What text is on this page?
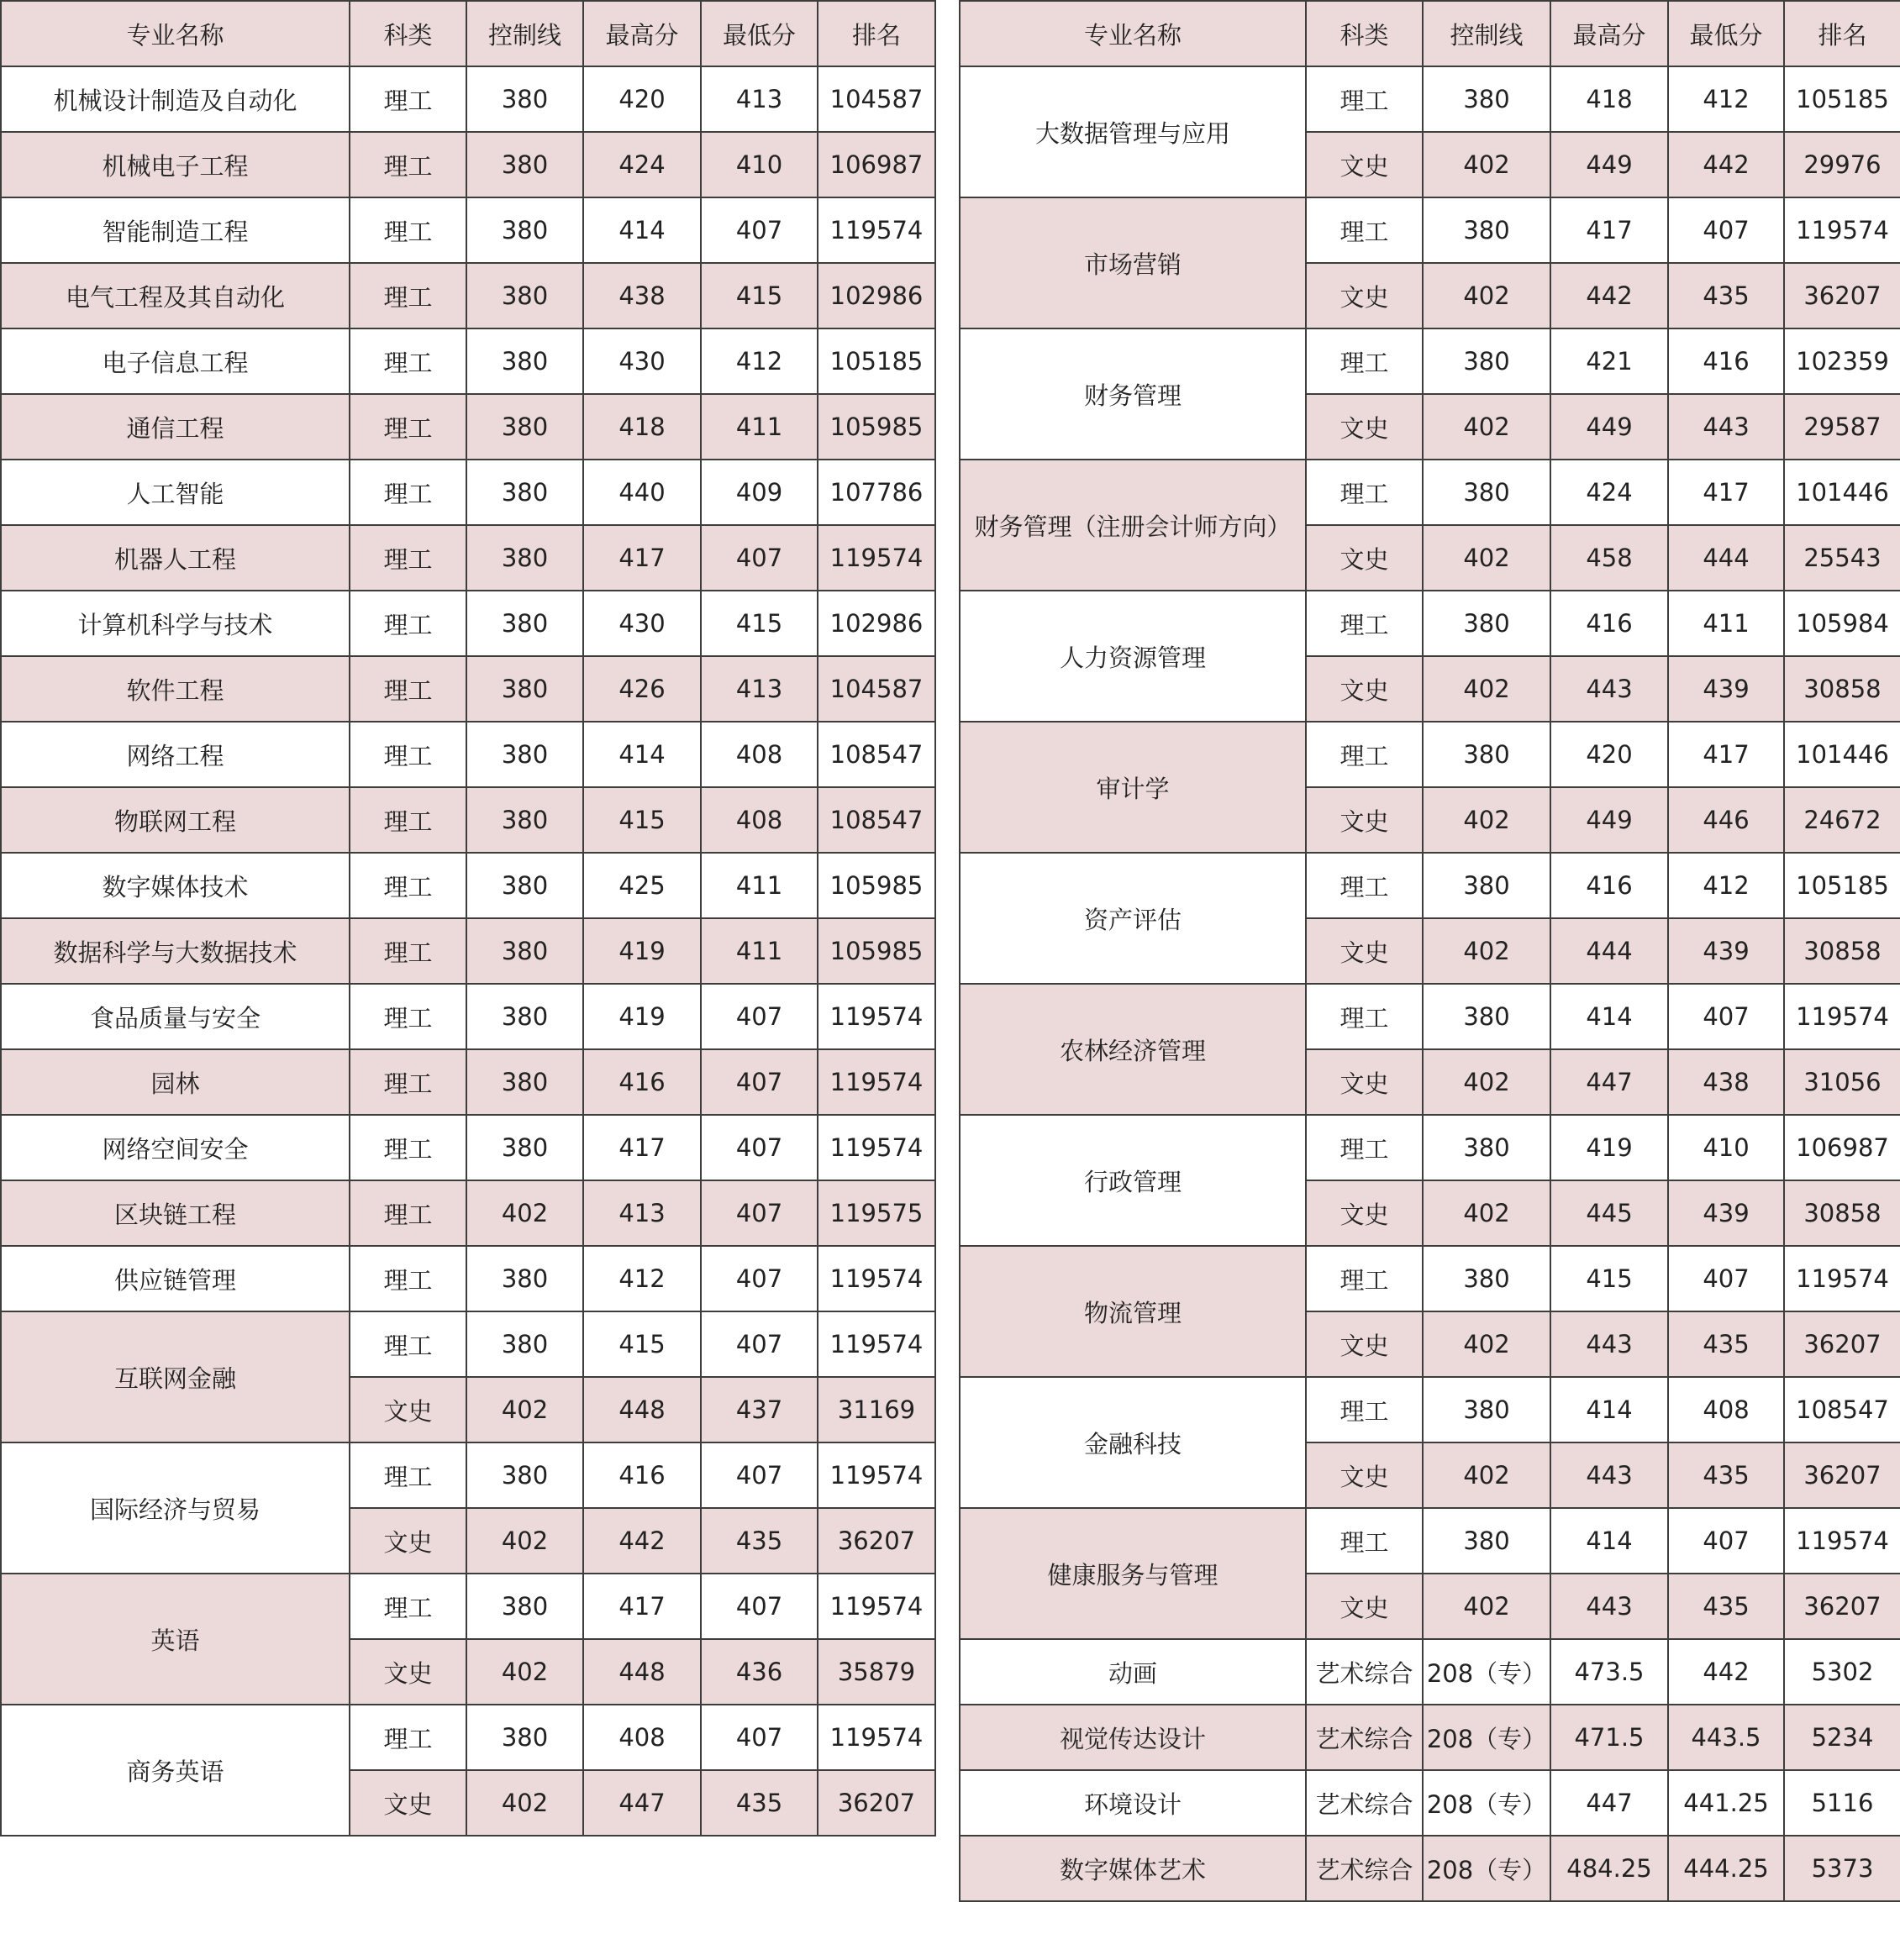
专业名称	科类	控制线	最高分	最低分	排名
机械设计制造及自动化	理工	380	420	413	104587
机械电子工程	理工	380	424	410	106987
智能制造工程	理工	380	414	407	119574
电气工程及其自动化	理工	380	438	415	102986
电子信息工程	理工	380	430	412	105185
通信工程	理工	380	418	411	105985
人工智能	理工	380	440	409	107786
机器人工程	理工	380	417	407	119574
计算机科学与技术	理工	380	430	415	102986
软件工程	理工	380	426	413	104587
网络工程	理工	380	414	408	108547
物联网工程	理工	380	415	408	108547
数字媒体技术	理工	380	425	411	105985
数据科学与大数据技术	理工	380	419	411	105985
食品质量与安全	理工	380	419	407	119574
园林	理工	380	416	407	119574
网络空间安全	理工	380	417	407	119574
区块链工程	理工	402	413	407	119575
供应链管理	理工	380	412	407	119574
互联网金融	理工	380	415	407	119574
	文史	402	448	437	31169
国际经济与贸易	理工	380	416	407	119574
	文史	402	442	435	36207
英语	理工	380	417	407	119574
	文史	402	448	436	35879
商务英语	理工	380	408	407	119574
	文史	402	447	435	36207
专业名称	科类	控制线	最高分	最低分	排名
大数据管理与应用	理工	380	418	412	105185
	文史	402	449	442	29976
市场营销	理工	380	417	407	119574
	文史	402	442	435	36207
财务管理	理工	380	421	416	102359
	文史	402	449	443	29587
财务管理（注册会计师方向）	理工	380	424	417	101446
	文史	402	458	444	25543
人力资源管理	理工	380	416	411	105984
	文史	402	443	439	30858
审计学	理工	380	420	417	101446
	文史	402	449	446	24672
资产评估	理工	380	416	412	105185
	文史	402	444	439	30858
农林经济管理	理工	380	414	407	119574
	文史	402	447	438	31056
行政管理	理工	380	419	410	106987
	文史	402	445	439	30858
物流管理	理工	380	415	407	119574
	文史	402	443	435	36207
金融科技	理工	380	414	408	108547
	文史	402	443	435	36207
健康服务与管理	理工	380	414	407	119574
	文史	402	443	435	36207
动画	艺术综合	208（专）	473.5	442	5302
视觉传达设计	艺术综合	208（专）	471.5	443.5	5234
环境设计	艺术综合	208（专）	447	441.25	5116
数字媒体艺术	艺术综合	208（专）	484.25	444.25	5373
